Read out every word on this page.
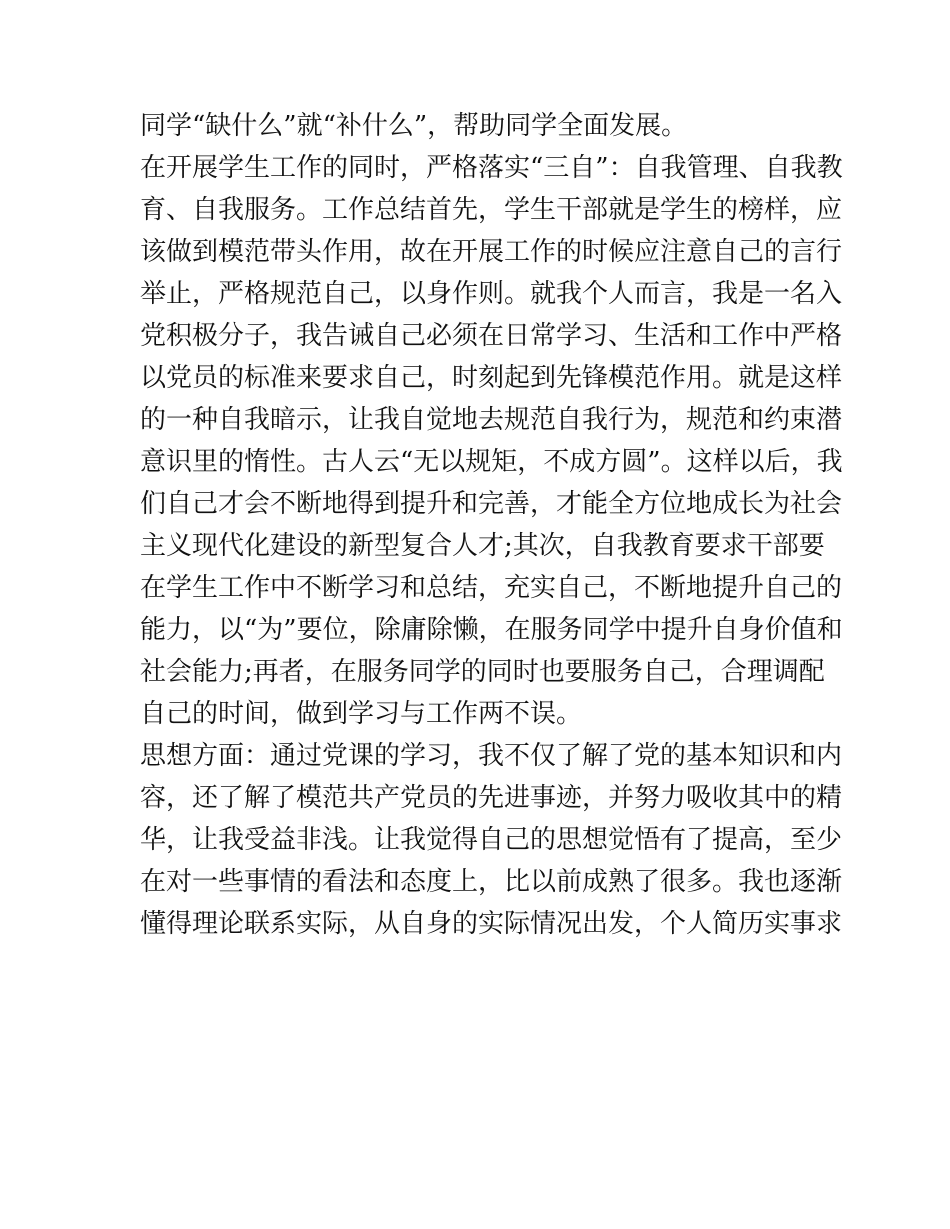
同学“缺什么”就“补什么”，帮助同学全面发展。
在开展学生工作的同时，严格落实“三自”：自我管理、自我教
育、自我服务。工作总结首先，学生干部就是学生的榜样，应
该做到模范带头作用，故在开展工作的时候应注意自己的言行
举止，严格规范自己，以身作则。就我个人而言，我是一名入
党积极分子，我告诫自己必须在日常学习、生活和工作中严格
以党员的标准来要求自己，时刻起到先锋模范作用。就是这样
的一种自我暗示，让我自觉地去规范自我行为，规范和约束潜
意识里的惰性。古人云“无以规矩，不成方圆”。这样以后，我
们自己才会不断地得到提升和完善，才能全方位地成长为社会
主义现代化建设的新型复合人才;其次，自我教育要求干部要
在学生工作中不断学习和总结，充实自己，不断地提升自己的
能力，以“为”要位，除庸除懒，在服务同学中提升自身价值和
社会能力;再者，在服务同学的同时也要服务自己，合理调配
自己的时间，做到学习与工作两不误。
思想方面：通过党课的学习，我不仅了解了党的基本知识和内
容，还了解了模范共产党员的先进事迹，并努力吸收其中的精
华，让我受益非浅。让我觉得自己的思想觉悟有了提高，至少
在对一些事情的看法和态度上，比以前成熟了很多。我也逐渐
懂得理论联系实际，从自身的实际情况出发，个人简历实事求
